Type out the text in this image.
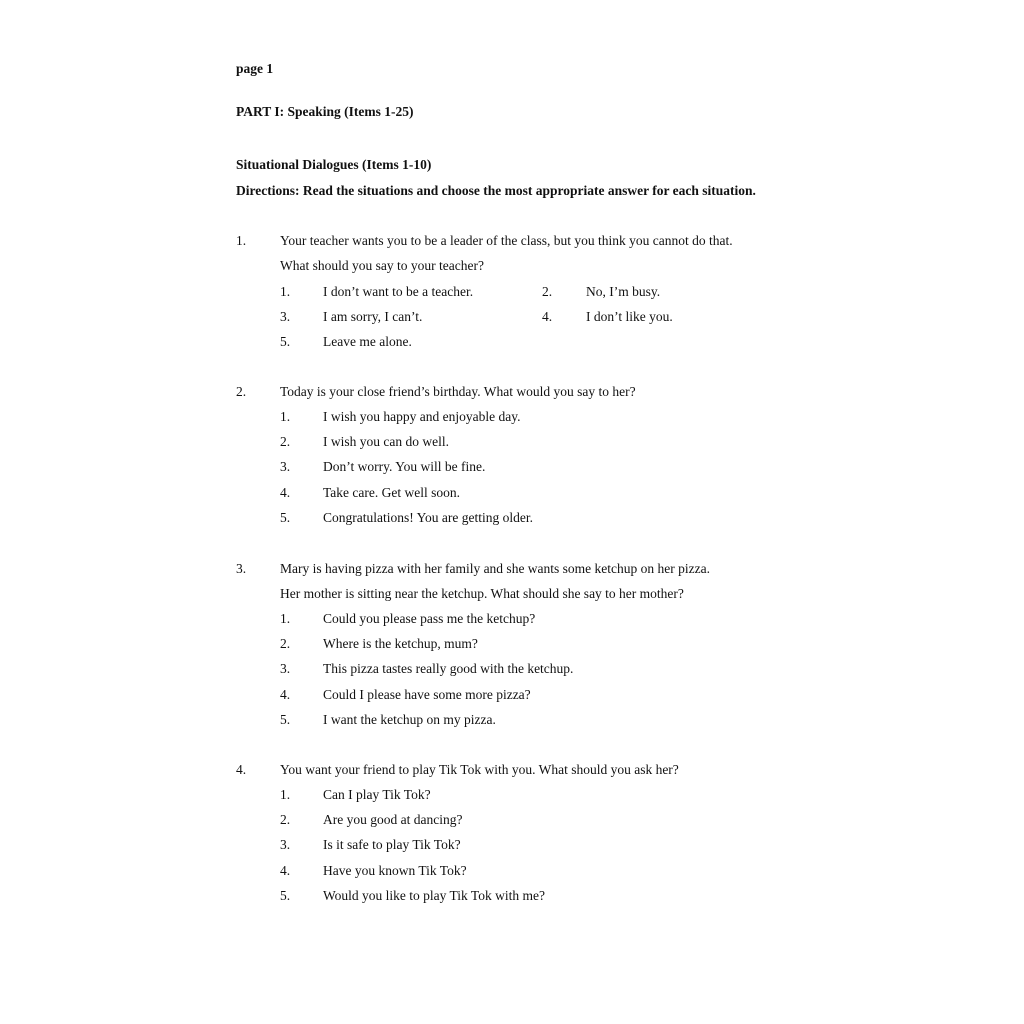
page 1
PART I: Speaking (Items 1-25)
Situational Dialogues (Items 1-10)
Directions: Read the situations and choose the most appropriate answer for each situation.
1.	Your teacher wants you to be a leader of the class, but you think you cannot do that.
What should you say to your teacher?
1. I don’t want to be a teacher.	2.	No, I’m busy.
3. I am sorry, I can’t.	4.	I don’t like you.
5. Leave me alone.
2.	Today is your close friend’s birthday. What would you say to her?
1. I wish you happy and enjoyable day.
2. I wish you can do well.
3. Don’t worry. You will be fine.
4. Take care. Get well soon.
5. Congratulations! You are getting older.
3.	Mary is having pizza with her family and she wants some ketchup on her pizza.
Her mother is sitting near the ketchup. What should she say to her mother?
1. Could you please pass me the ketchup?
2. Where is the ketchup, mum?
3. This pizza tastes really good with the ketchup.
4. Could I please have some more pizza?
5. I want the ketchup on my pizza.
4.	You want your friend to play Tik Tok with you. What should you ask her?
1. Can I play Tik Tok?
2. Are you good at dancing?
3. Is it safe to play Tik Tok?
4. Have you known Tik Tok?
5. Would you like to play Tik Tok with me?
